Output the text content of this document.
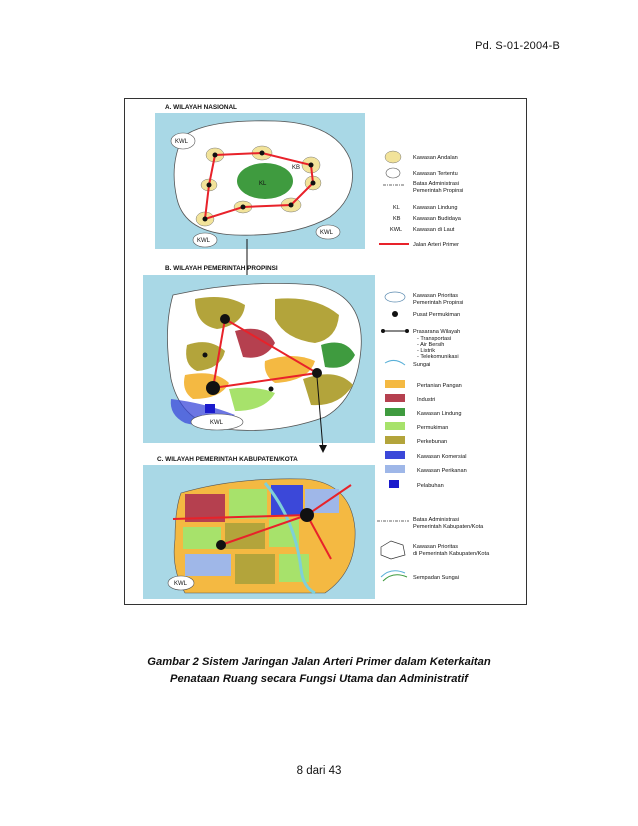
Pd. S-01-2004-B
A. WILAYAH NASIONAL
KL
KB
KWL
KWL
KWL
Kawasan Andalan
Kawasan Tertentu
Batas Administrasi
Pemerintah Propinsi
KL Kawasan Lindung
KB Kawasan Budidaya
KWL Kawasan di Laut
Jalan Arteri Primer
B. WILAYAH PEMERINTAH PROPINSI
KWL
Kawasan Prioritas
Pemerintah Propinsi
Pusat Permukiman
Prasarana Wilayah
- Transportasi
- Air Bersih
- Listrik
- Telekomunikasi
Sungai
Pertanian Pangan
Industri
Kawasan Lindung
Permukiman
Perkebunan
Kawasan Komersial
Kawasan Perikanan
Pelabuhan
C. WILAYAH PEMERINTAH KABUPATEN/KOTA
KWL
Batas Administrasi
Pemerintah Kabupaten/Kota
Kawasan Prioritas
di Pemerintah Kabupaten/Kota
Sempadan Sungai
Gambar 2 Sistem Jaringan Jalan Arteri Primer dalam Keterkaitan
Penataan Ruang secara Fungsi Utama dan Administratif
8 dari 43
